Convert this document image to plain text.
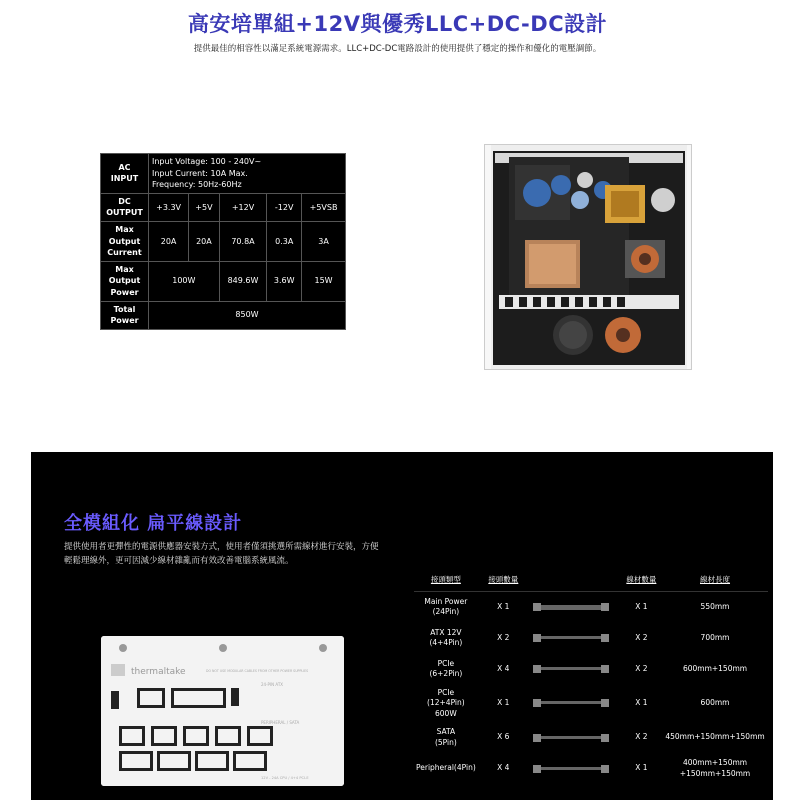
高安培單組+12V與優秀LLC+DC-DC設計
提供最佳的相容性以滿足系統電源需求。LLC+DC-DC電路設計的使用提供了穩定的操作和優化的電壓調節。
AC INPUT	Input Voltage: 100 - 240V~
Input Current: 10A Max.
Frequency: 50Hz-60Hz				

DC OUTPUT	+3.3V	+5V	+12V	-12V	+5VSB
Max Output Current	20A	20A	70.8A	0.3A	3A
Max Output Power	100W		849.6W	3.6W	15W
Total Power	850W				
全模組化 扁平線設計
提供使用者更彈性的電源供應器安裝方式，使用者僅須挑選所需線材進行安裝，方便輕鬆理線外，更可因減少線材雜亂而有效改善電腦系統風流。
thermaltake	DO NOT USE MODULAR CABLES FROM OTHER POWER SUPPLIES
24-PIN ATX
PERIPHERAL / SATA
12V - 24A CPU / 4+4 PCI-E
接頭類型	接頭數量		線材數量	線材長度
Main Power
(24Pin)	X 1		X 1	550mm
ATX 12V
(4+4Pin)	X 2		X 2	700mm
PCIe
(6+2Pin)	X 4		X 2	600mm+150mm
PCIe
(12+4Pin)
600W	X 1		X 1	600mm
SATA
(5Pin)	X 6		X 2	450mm+150mm+150mm
Peripheral(4Pin)	X 4		X 1	400mm+150mm
+150mm+150mm
